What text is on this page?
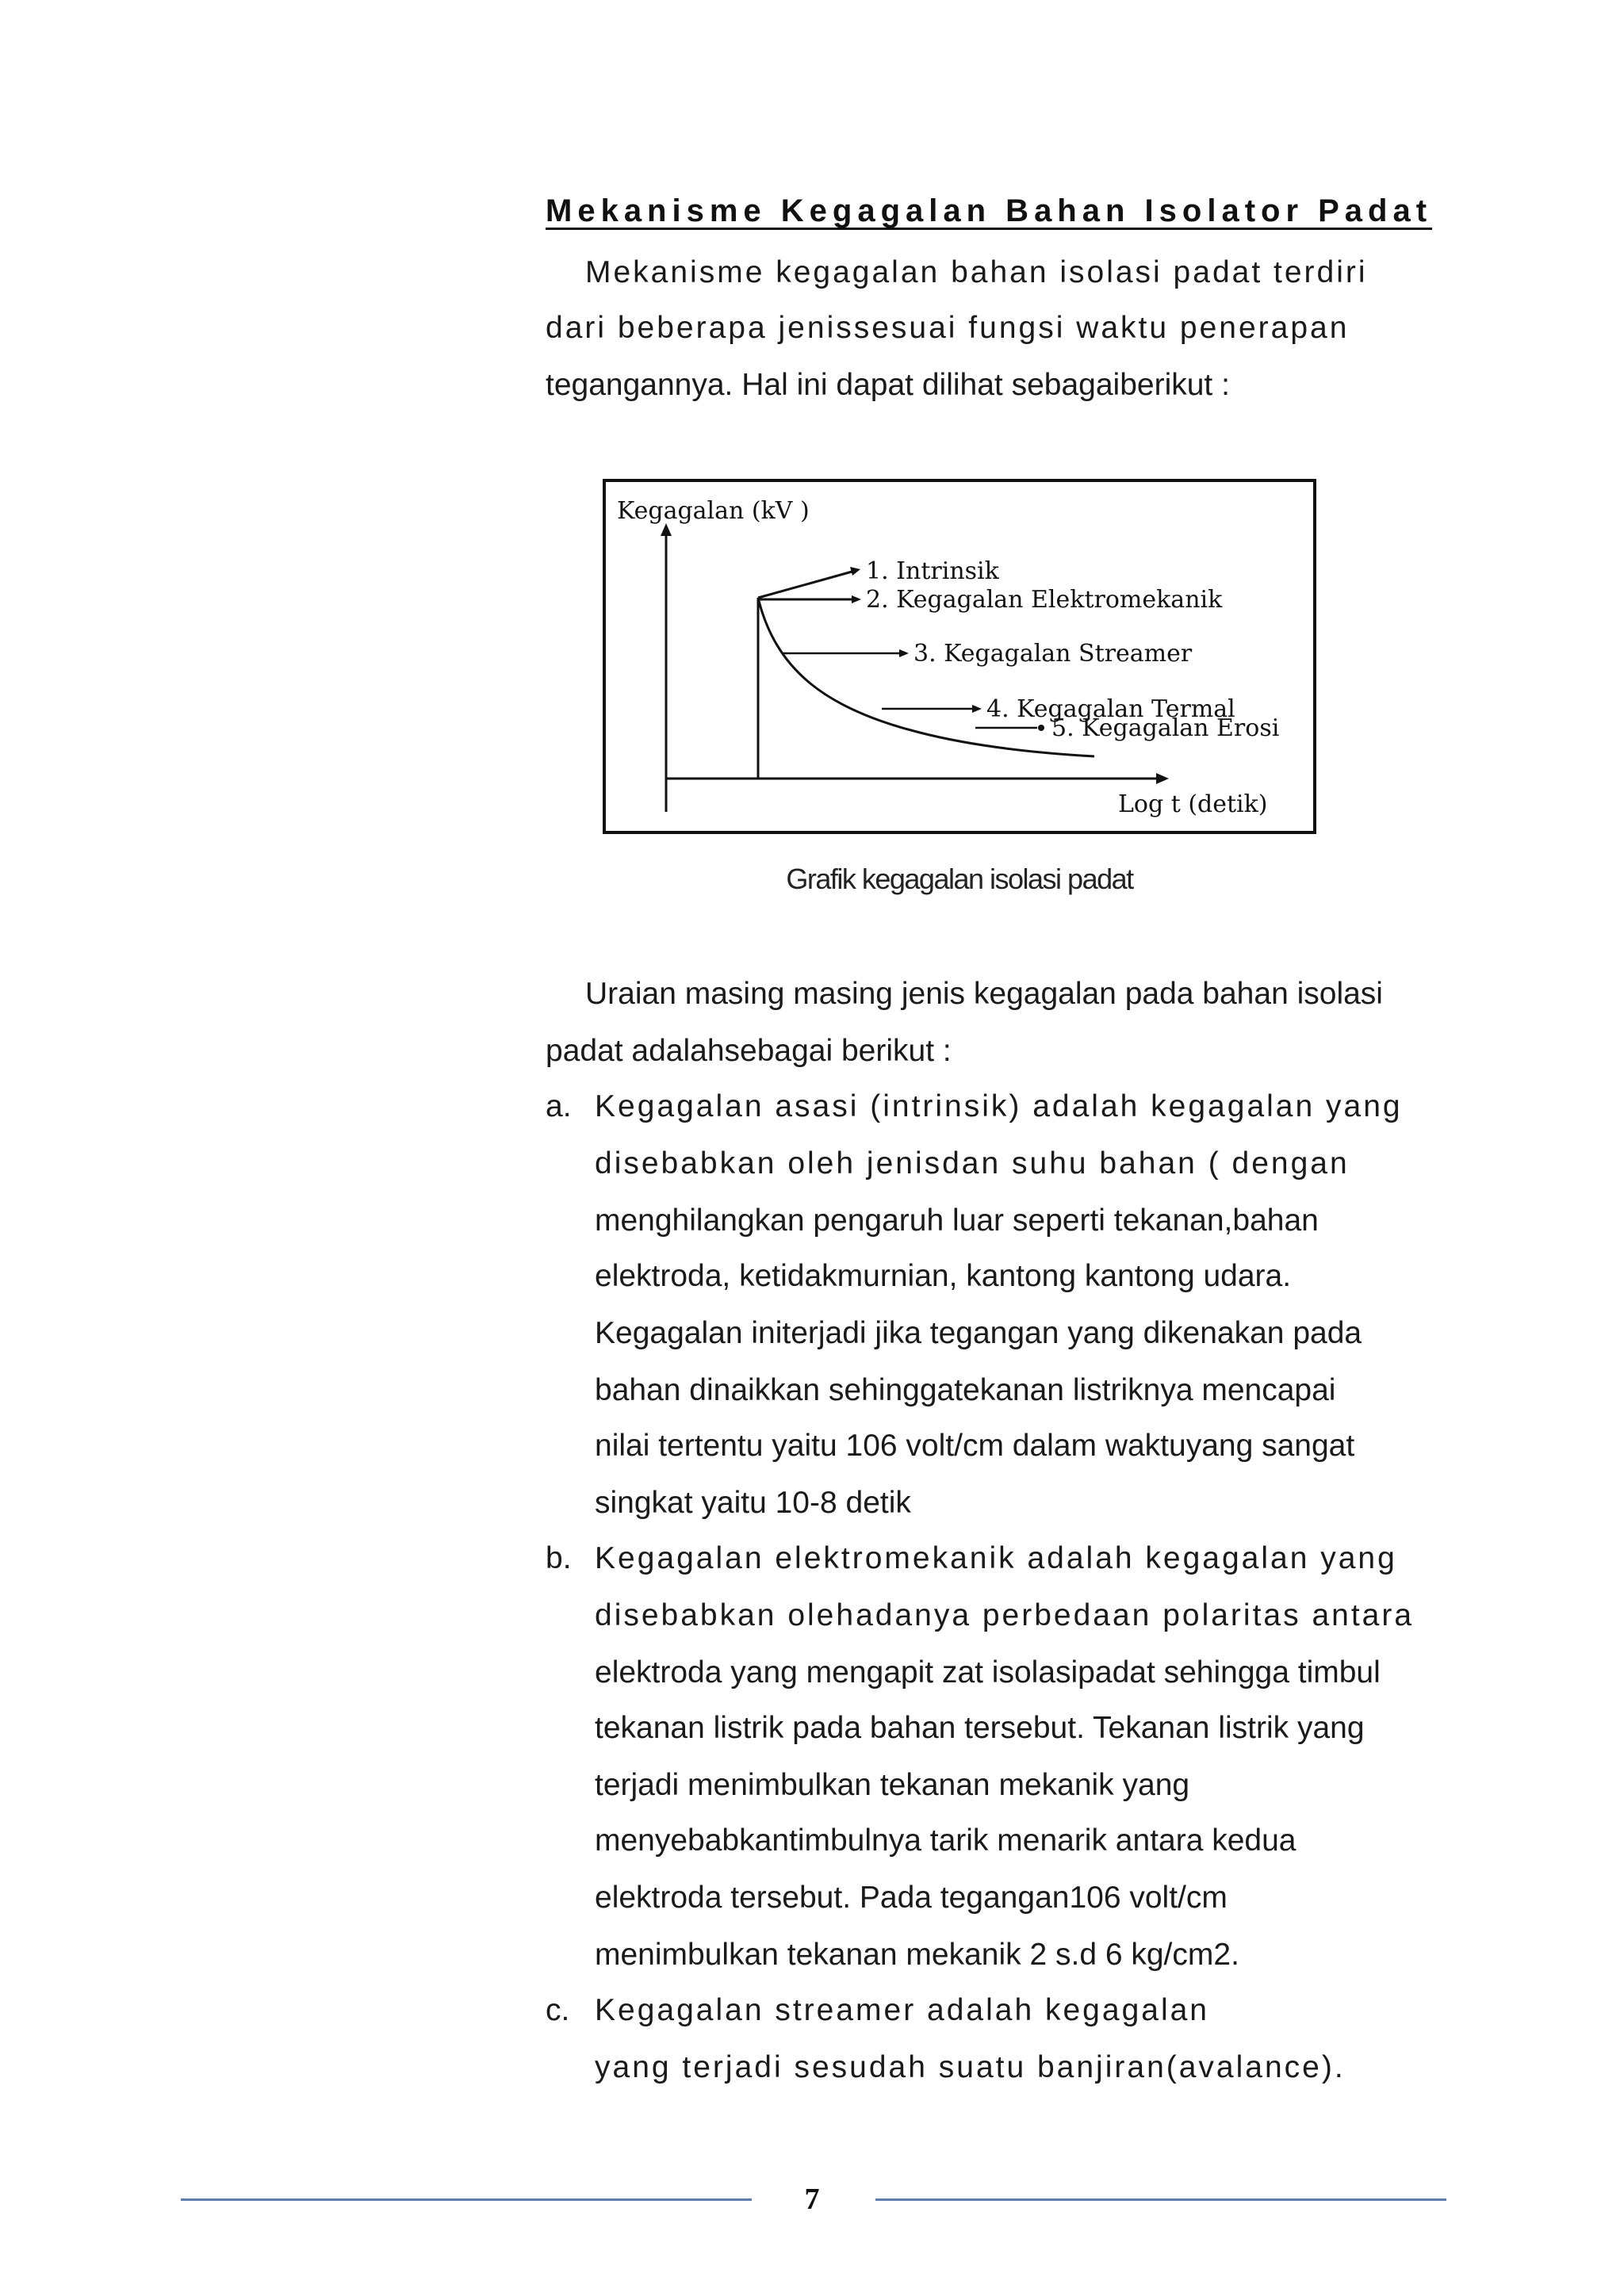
Mekanisme Kegagalan Bahan Isolator Padat
Mekanisme kegagalan bahan isolasi padat terdiri
dari beberapa jenissesuai fungsi waktu penerapan
tegangannya. Hal ini dapat dilihat sebagaiberikut :
Uraian masing masing jenis kegagalan pada bahan isolasi
padat adalahsebagai berikut :
a. Kegagalan asasi (intrinsik) adalah kegagalan yang
disebabkan oleh jenisdan suhu bahan ( dengan
menghilangkan pengaruh luar seperti tekanan,bahan
elektroda, ketidakmurnian, kantong kantong udara.
Kegagalan initerjadi jika tegangan yang dikenakan pada
bahan dinaikkan sehinggatekanan listriknya mencapai
nilai tertentu yaitu 106 volt/cm dalam waktuyang sangat
singkat yaitu 10-8 detik
b. Kegagalan elektromekanik adalah kegagalan yang
disebabkan olehadanya perbedaan polaritas antara
elektroda yang mengapit zat isolasipadat sehingga timbul
tekanan listrik pada bahan tersebut. Tekanan listrik yang
terjadi menimbulkan tekanan mekanik yang
menyebabkantimbulnya tarik menarik antara kedua
elektroda tersebut. Pada tegangan106 volt/cm
menimbulkan tekanan mekanik 2 s.d 6 kg/cm2.
c. Kegagalan streamer adalah kegagalan
yang terjadi sesudah suatu banjiran(avalance).
Kegagalan (kV )
1. Intrinsik
2. Kegagalan Elektromekanik
3. Kegagalan Streamer
4. Kegagalan Termal
5. Kegagalan Erosi
Log t (detik)
Grafik kegagalan isolasi padat
7
